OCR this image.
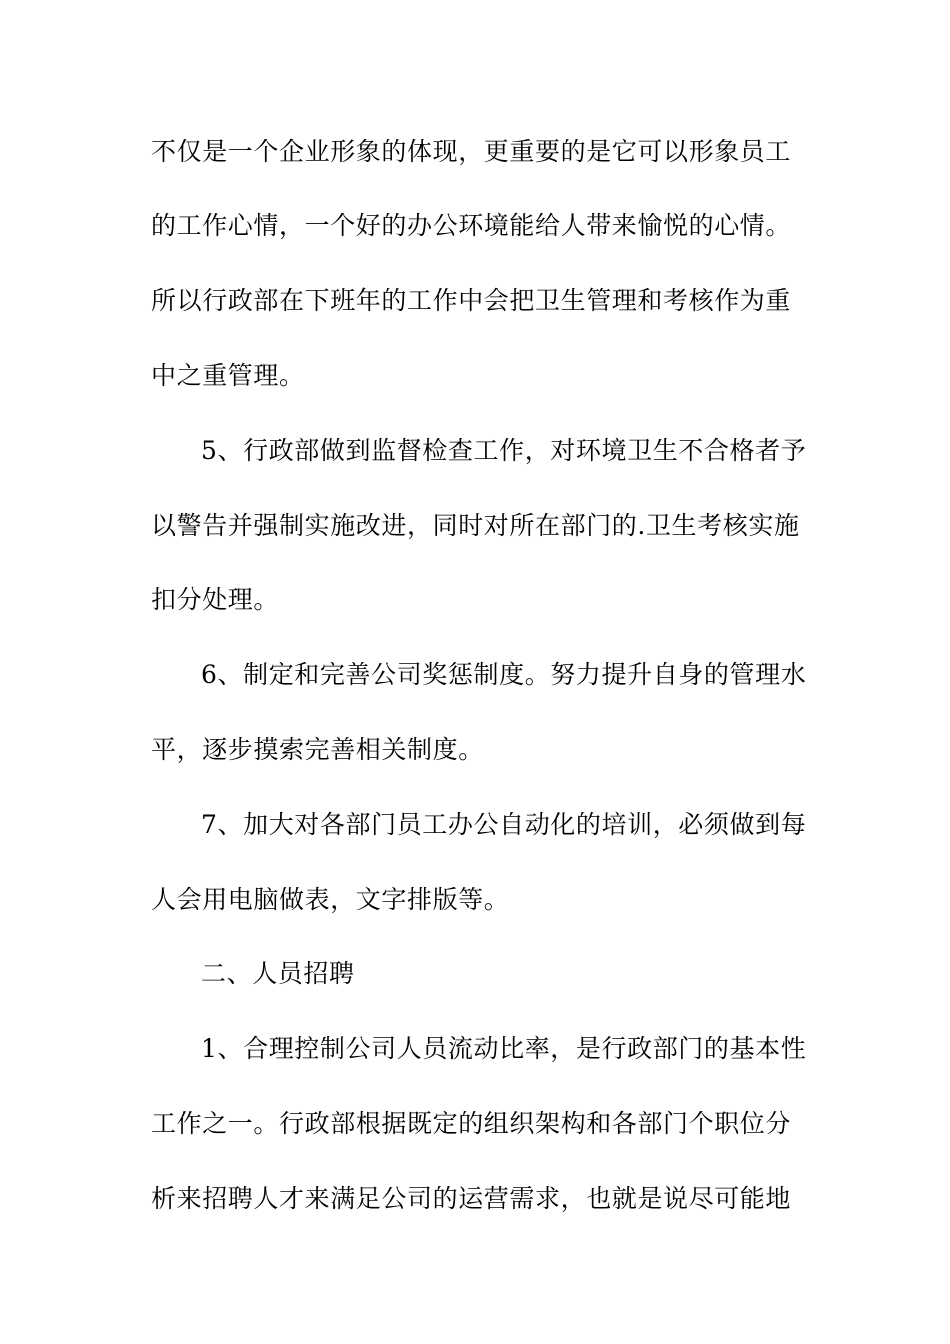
不仅是一个企业形象的体现，更重要的是它可以形象员工
的工作心情，一个好的办公环境能给人带来愉悦的心情。
所以行政部在下班年的工作中会把卫生管理和考核作为重
中之重管理。
5、行政部做到监督检查工作，对环境卫生不合格者予
以警告并强制实施改进，同时对所在部门的.卫生考核实施
扣分处理。
6、制定和完善公司奖惩制度。努力提升自身的管理水
平，逐步摸索完善相关制度。
7、加大对各部门员工办公自动化的培训，必须做到每
人会用电脑做表，文字排版等。
二、人员招聘
1、合理控制公司人员流动比率，是行政部门的基本性
工作之一。行政部根据既定的组织架构和各部门个职位分
析来招聘人才来满足公司的运营需求，也就是说尽可能地
